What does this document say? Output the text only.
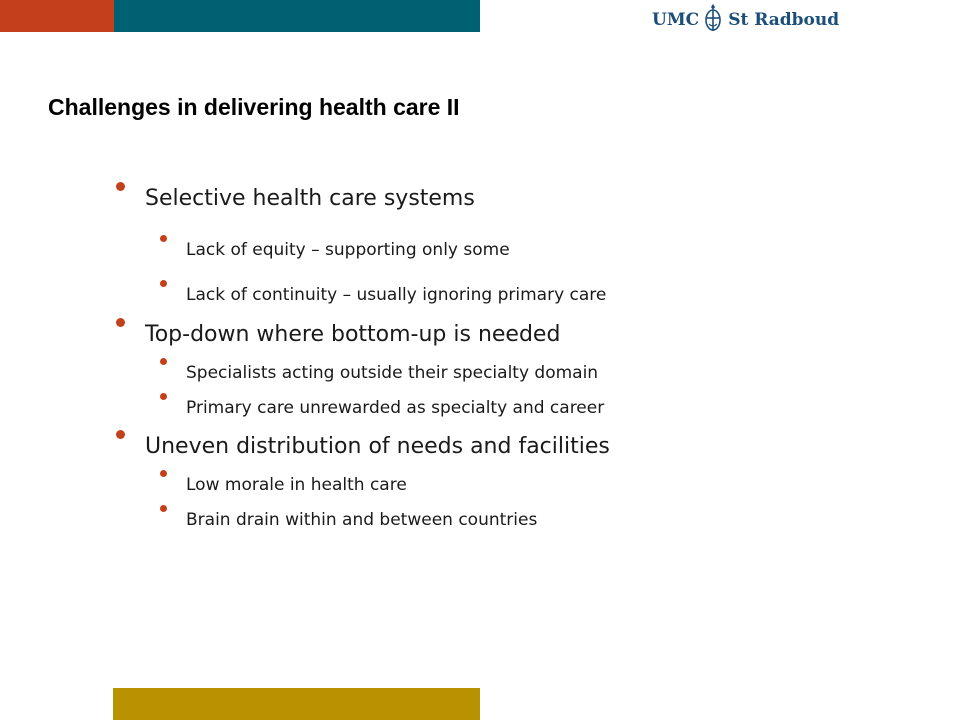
UMC St Radboud
Challenges in delivering health care II
Selective health care systems
Lack of equity – supporting only some
Lack of continuity – usually ignoring primary care
Top-down where bottom-up is needed
Specialists acting outside their specialty domain
Primary care unrewarded as specialty and career
Uneven distribution of needs and facilities
Low morale in health care
Brain drain within and between countries
